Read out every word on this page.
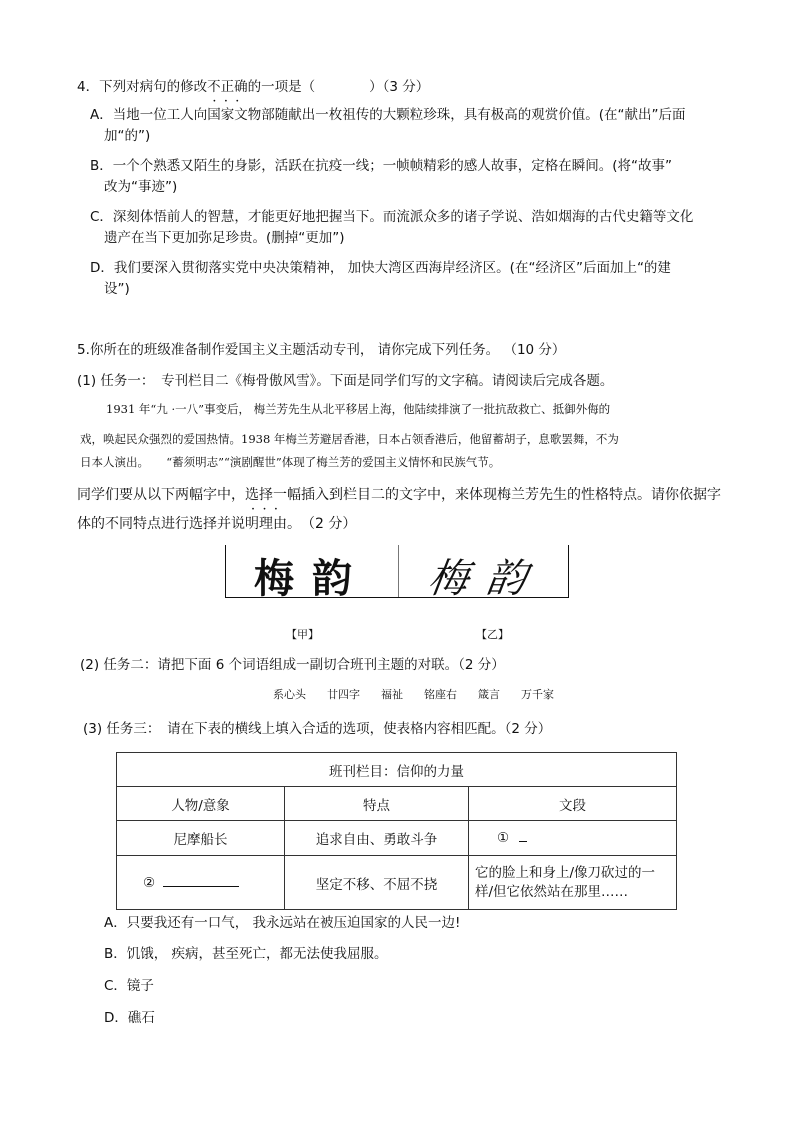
4．下列对病句的修改不正确 • • •的一项是（　　　　）（3 分）
A．当地一位工人向国家文物部随献出一枚祖传的大颗粒珍珠，具有极高的观赏价值。(在“献出”后面
加“的”)
B．一个个熟悉又陌生的身影，活跃在抗疫一线；一帧帧精彩的感人故事，定格在瞬间。(将“故事”
改为“事迹”)
C．深刻体悟前人的智慧，才能更好地把握当下。而流派众多的诸子学说、浩如烟海的古代史籍等文化
遗产在当下更加弥足珍贵。(删掉“更加”)
D．我们要深入贯彻落实党中央决策精神， 加快大湾区西海岸经济区。(在“经济区”后面加上“的建
设”)
5.你所在的班级准备制作爱国主义主题活动专刊， 请你完成下列任务。 （10 分）
(1) 任务一：　专刊栏目二《梅骨傲风雪》。下面是同学们写的文字稿。请阅读后完成各题。
1931 年“九 ·一八”事变后， 梅兰芳先生从北平移居上海，他陆续排演了一批抗敌救亡、抵御外侮的
戏，唤起民众强烈的爱国热情。1938 年梅兰芳避居香港，日本占领香港后，他留蓄胡子，息歌罢舞，不为
日本人演出。　　“蓄须明志”“演剧醒世”体现了梅兰芳的爱国主义情怀和民族气节。
同学们要从以下两幅字中，选择一 • • •幅插入到栏目二的文字中，来体现梅兰芳先生的性格特点。请你依据字
体的不同特点进行选择并说明理由。　（2 分）
梅韵 梅韵
【甲】	【乙】
(2) 任务二：请把下面 6 个词语组成一副切合班刊主题的对联。（2 分）
系心头 廿四字 福祉 铭座右 箴言 万千家
(3) 任务三：　请在下表的横线上填入合适的选项，使表格内容相匹配。（2 分）
班刊栏目：信仰的力量		
人物/意象	特点	文段
尼摩船长	追求自由、勇敢斗争	①
②	坚定不移、不屈不挠	它的脸上和身上/像刀砍过的一样/但它依然站在那里……
A．只要我还有一口气， 我永远站在被压迫国家的人民一边!
B．饥饿， 疾病，甚至死亡，都无法使我屈服。
C．镜子
D．礁石
